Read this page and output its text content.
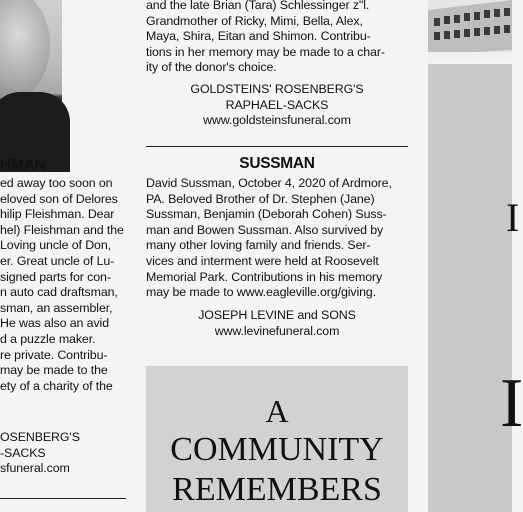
HMAN
ed away too soon on
eloved son of Delores
hilip Fleishman. Dear
hel) Fleishman and the
Loving uncle of Don,
er. Great uncle of Lu-
signed parts for con-
n auto cad draftsman,
sman, an assembler,
He was also an avid
d a puzzle maker.
re private. Contribu-
may be made to the
ety of a charity of the
OSENBERG'S
-SACKS
sfuneral.com
and the late Brian (Tara) Schlessinger z"l.
Grandmother of Ricky, Mimi, Bella, Alex,
Maya, Shira, Eitan and Shimon. Contribu-
tions in her memory may be made to a char-
ity of the donor's choice.
GOLDSTEINS' ROSENBERG'S
RAPHAEL-SACKS
www.goldsteinsfuneral.com
SUSSMAN
David Sussman, October 4, 2020 of Ardmore,
PA. Beloved Brother of Dr. Stephen (Jane)
Sussman, Benjamin (Deborah Cohen) Suss-
man and Bowen Sussman. Also survived by
many other loving family and friends. Ser-
vices and interment were held at Roosevelt
Memorial Park. Contributions in his memory
may be made to www.eagleville.org/giving.
JOSEPH LEVINE and SONS
www.levinefuneral.com
A
COMMUNITY
REMEMBERS
I
I
